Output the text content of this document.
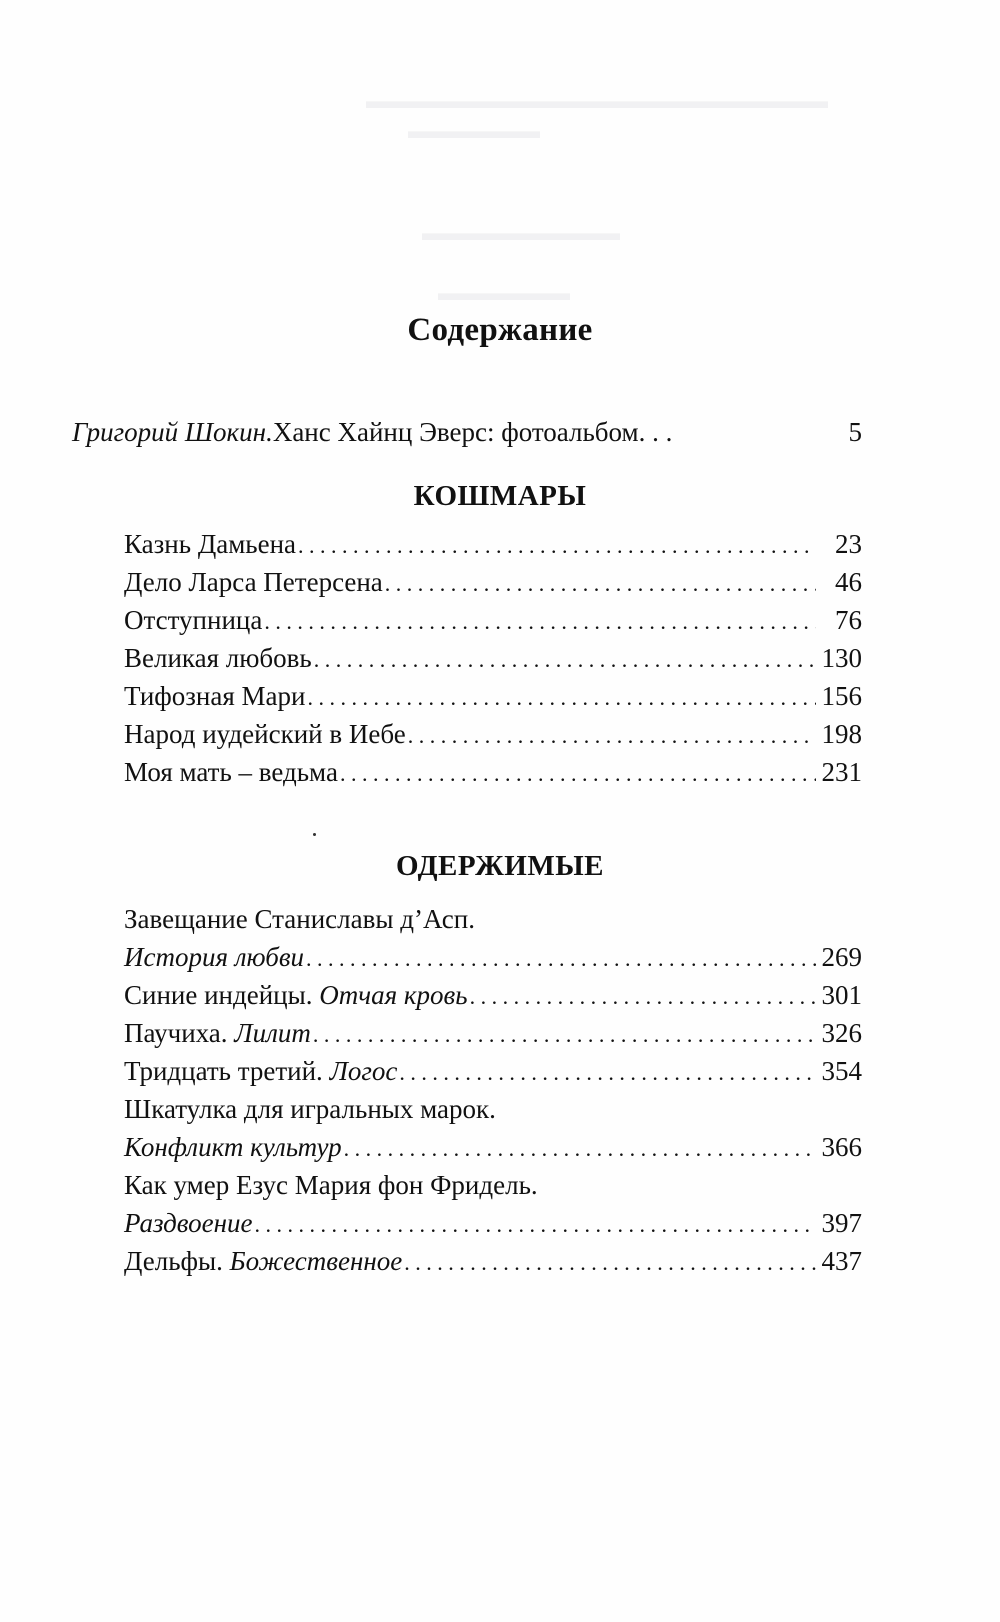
▬▬▬▬▬▬▬▬▬▬▬▬▬▬▬▬▬▬▬▬▬
▬▬▬▬▬▬
▬▬▬▬▬▬▬▬▬
▬▬▬▬▬▬
Содержание
Григорий Шокин. Ханс Хайнц Эверс: фотоальбом . . .	5
КОШМАРЫ
Казнь Дамьена . . .	23
Дело Ларса Петерсена . . .	46
Отступница . . .	76
Великая любовь . . .	130
Тифозная Мари . . .	156
Народ иудейский в Иебе . . .	198
Моя мать – ведьма . . .	231
ОДЕРЖИМЫЕ
Завещание Станиславы д’Асп.
История любви . . .	269
Синие индейцы. Отчая кровь . . .	301
Паучиха. Лилит . . .	326
Тридцать третий. Логос . . .	354
Шкатулка для игральных марок.
Конфликт культур . . .	366
Как умер Езус Мария фон Фридель.
Раздвоение . . .	397
Дельфы. Божественное . . .	437
